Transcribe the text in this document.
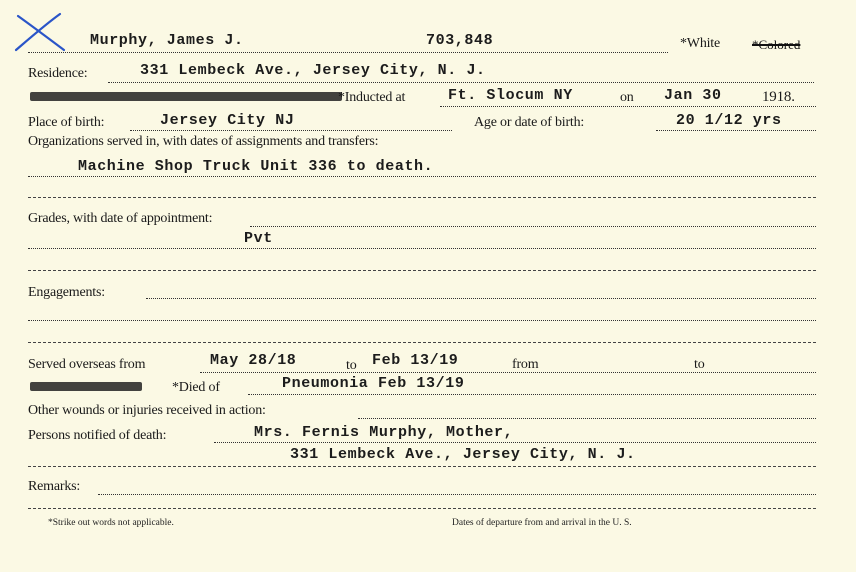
Murphy, James J.	703,848	*White *Colored
Residence:	331 Lembeck Ave., Jersey City, N. J.
*Inducted at	Ft. Slocum NY	on Jan 30	1918.
Place of birth:	Jersey City NJ	Age or date of birth:	20 1/12 yrs
Organizations served in, with dates of assignments and transfers:
Machine Shop Truck Unit 336 to death.
Grades, with date of appointment:
Pvt
Engagements:
Served overseas from	May 28/18	to Feb 13/19	from	to
*Died of	Pneumonia Feb 13/19
Other wounds or injuries received in action:
Persons notified of death:	Mrs. Fernis Murphy, Mother,
331 Lembeck Ave., Jersey City, N. J.
Remarks:
*Strike out words not applicable.	Dates of departure from and arrival in the U. S.
